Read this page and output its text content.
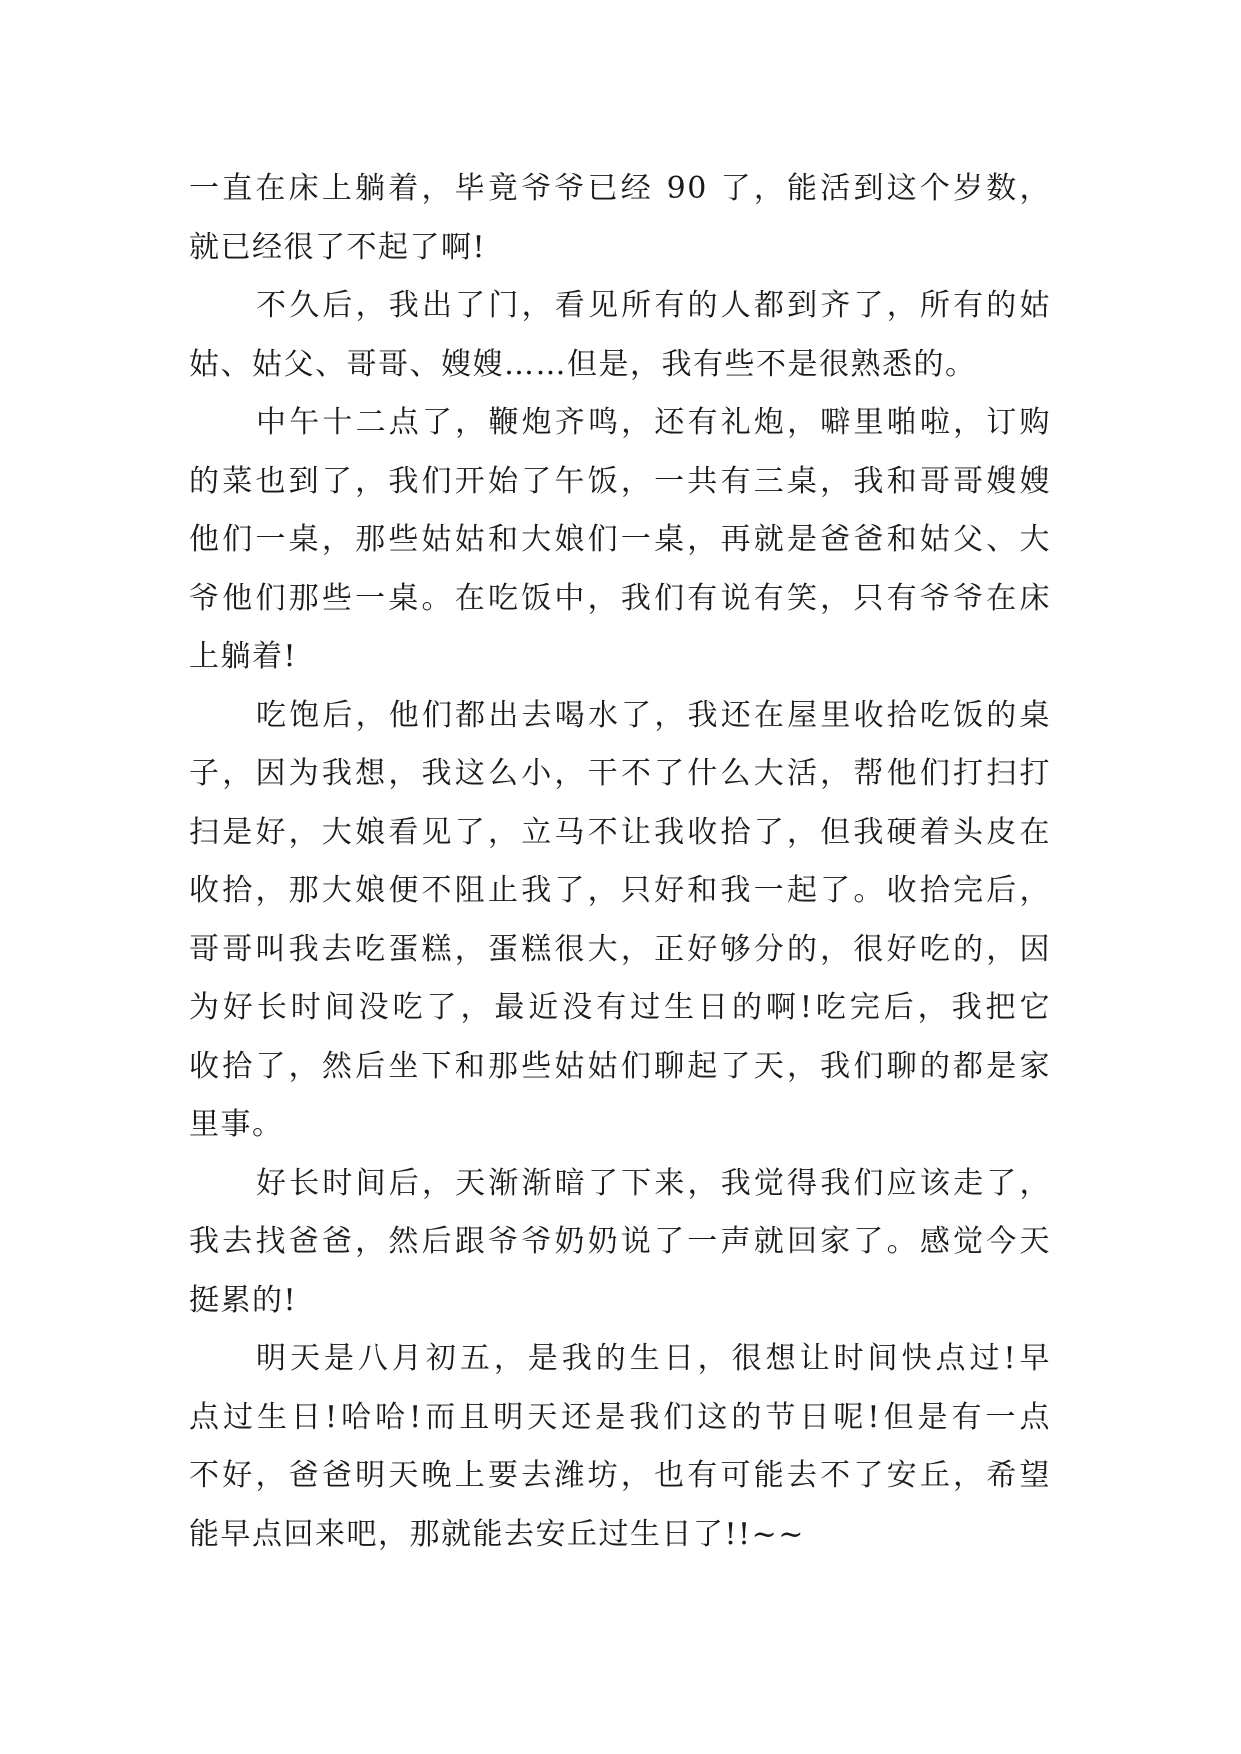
一直在床上躺着，毕竟爷爷已经 90 了，能活到这个岁数，
就已经很了不起了啊!
不久后，我出了门，看见所有的人都到齐了，所有的姑
姑、姑父、哥哥、嫂嫂……但是，我有些不是很熟悉的。
中午十二点了，鞭炮齐鸣，还有礼炮，噼里啪啦，订购
的菜也到了，我们开始了午饭，一共有三桌，我和哥哥嫂嫂
他们一桌，那些姑姑和大娘们一桌，再就是爸爸和姑父、大
爷他们那些一桌。在吃饭中，我们有说有笑，只有爷爷在床
上躺着!
吃饱后，他们都出去喝水了，我还在屋里收拾吃饭的桌
子，因为我想，我这么小，干不了什么大活，帮他们打扫打
扫是好，大娘看见了，立马不让我收拾了，但我硬着头皮在
收拾，那大娘便不阻止我了，只好和我一起了。收拾完后，
哥哥叫我去吃蛋糕，蛋糕很大，正好够分的，很好吃的，因
为好长时间没吃了，最近没有过生日的啊!吃完后，我把它
收拾了，然后坐下和那些姑姑们聊起了天，我们聊的都是家
里事。
好长时间后，天渐渐暗了下来，我觉得我们应该走了，
我去找爸爸，然后跟爷爷奶奶说了一声就回家了。感觉今天
挺累的!
明天是八月初五，是我的生日，很想让时间快点过!早
点过生日!哈哈!而且明天还是我们这的节日呢!但是有一点
不好，爸爸明天晚上要去潍坊，也有可能去不了安丘，希望
能早点回来吧，那就能去安丘过生日了!!~~
